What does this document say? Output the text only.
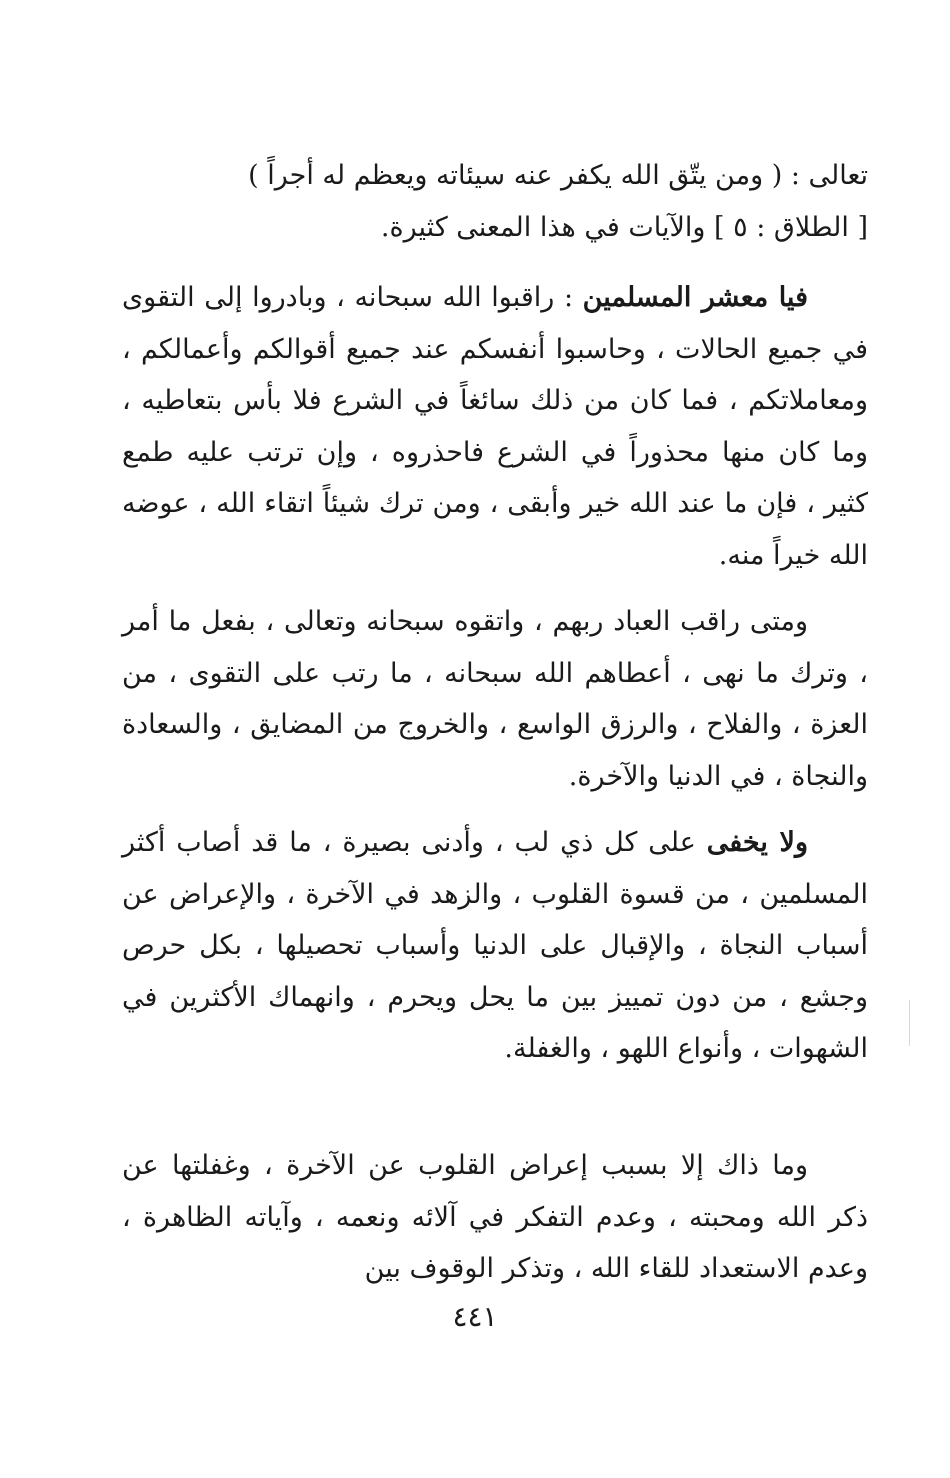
تعالى : ( ومن يتّق الله يكفر عنه سيئاته ويعظم له أجراً )
[ الطلاق : ٥ ] والآيات في هذا المعنى كثيرة.

فيا معشر المسلمين : راقبوا الله سبحانه ، وبادروا إلى التقوى في جميع الحالات ، وحاسبوا أنفسكم عند جميع أقوالكم وأعمالكم ، ومعاملاتكم ، فما كان من ذلك سائغاً في الشرع فلا بأس بتعاطيه ، وما كان منها محذوراً في الشرع فاحذروه ، وإن ترتب عليه طمع كثير ، فإن ما عند الله خير وأبقى ، ومن ترك شيئاً اتقاء الله ، عوضه الله خيراً منه.

ومتى راقب العباد ربهم ، واتقوه سبحانه وتعالى ، بفعل ما أمر ، وترك ما نهى ، أعطاهم الله سبحانه ، ما رتب على التقوى ، من العزة ، والفلاح ، والرزق الواسع ، والخروج من المضايق ، والسعادة والنجاة ، في الدنيا والآخرة.

ولا يخفى على كل ذي لب ، وأدنى بصيرة ، ما قد أصاب أكثر المسلمين ، من قسوة القلوب ، والزهد في الآخرة ، والإعراض عن أسباب النجاة ، والإقبال على الدنيا وأسباب تحصيلها ، بكل حرص وجشع ، من دون تمييز بين ما يحل ويحرم ، وانهماك الأكثرين في الشهوات ، وأنواع اللهو ، والغفلة.

وما ذاك إلا بسبب إعراض القلوب عن الآخرة ، وغفلتها عن ذكر الله ومحبته ، وعدم التفكر في آلائه ونعمه ، وآياته الظاهرة ، وعدم الاستعداد للقاء الله ، وتذكر الوقوف بين

٤٤١
